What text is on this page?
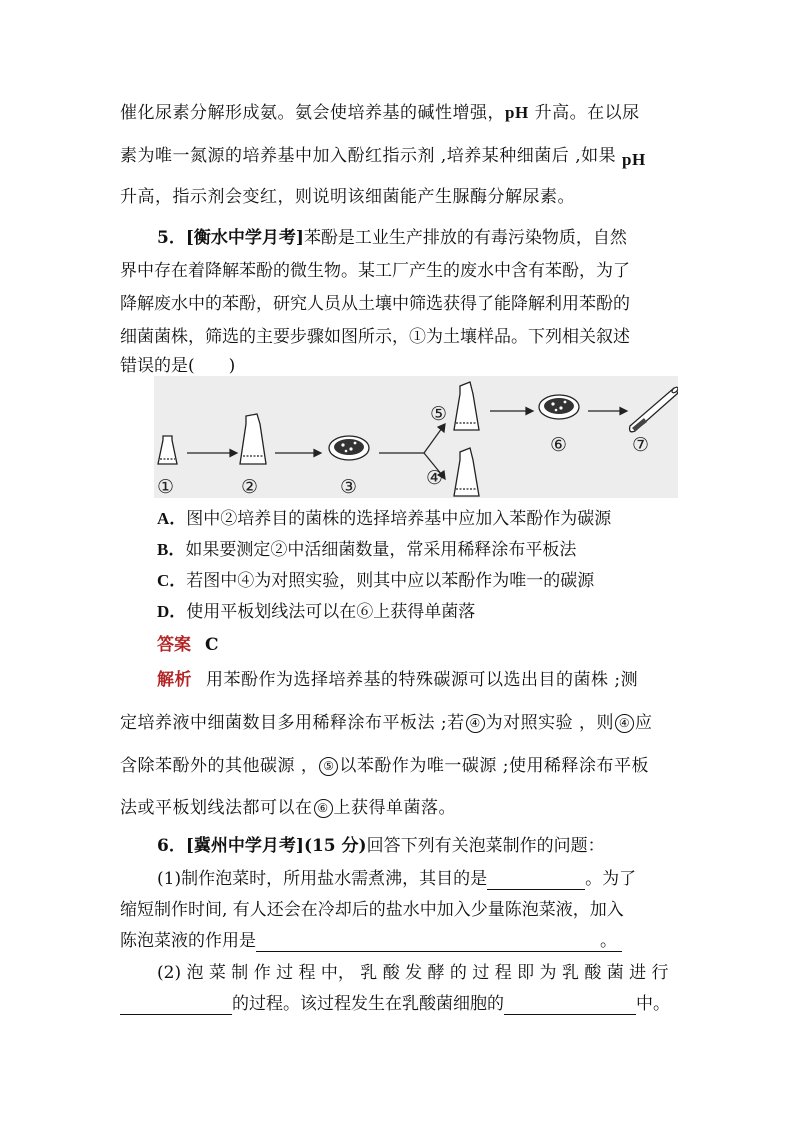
催化尿素分解形成氨。氨会使培养基的碱性增强，pH 升高。在以尿
素为唯一氮源的培养基中加入酚红指示剂 ,培养某种细菌后 ,如果 pH
升高，指示剂会变红，则说明该细菌能产生脲酶分解尿素。
5．[衡水中学月考]苯酚是工业生产排放的有毒污染物质，自然
界中存在着降解苯酚的微生物。某工厂产生的废水中含有苯酚，为了
降解废水中的苯酚，研究人员从土壤中筛选获得了能降解利用苯酚的
细菌菌株，筛选的主要步骤如图所示，①为土壤样品。下列相关叙述
错误的是(　　)
①	②	③	④
⑤
⑥	⑦
A．图中②培养目的菌株的选择培养基中应加入苯酚作为碳源
B．如果要测定②中活细菌数量，常采用稀释涂布平板法
C．若图中④为对照实验，则其中应以苯酚作为唯一的碳源
D．使用平板划线法可以在⑥上获得单菌落
答案 C
解析 用苯酚作为选择培养基的特殊碳源可以选出目的菌株 ;测
定培养液中细菌数目多用稀释涂布平板法 ;若 ④ 为对照实验 ，则 ④ 应
含除苯酚外的其他碳源 ， ⑤ 以苯酚作为唯一碳源 ;使用稀释涂布平板
法或平板划线法都可以在 ⑥ 上获得单菌落。
6．[冀州中学月考](15 分)回答下列有关泡菜制作的问题：
(1)制作泡菜时，所用盐水需煮沸，其目的是	。为了
缩短制作时间, 有人还会在冷却后的盐水中加入少量陈泡菜液，加入
陈泡菜液的作用是	。
(2) 泡 菜 制 作 过 程 中， 乳 酸 发 酵 的 过 程 即 为 乳 酸 菌 进 行
的过程。该过程发生在乳酸菌细胞的	中。
